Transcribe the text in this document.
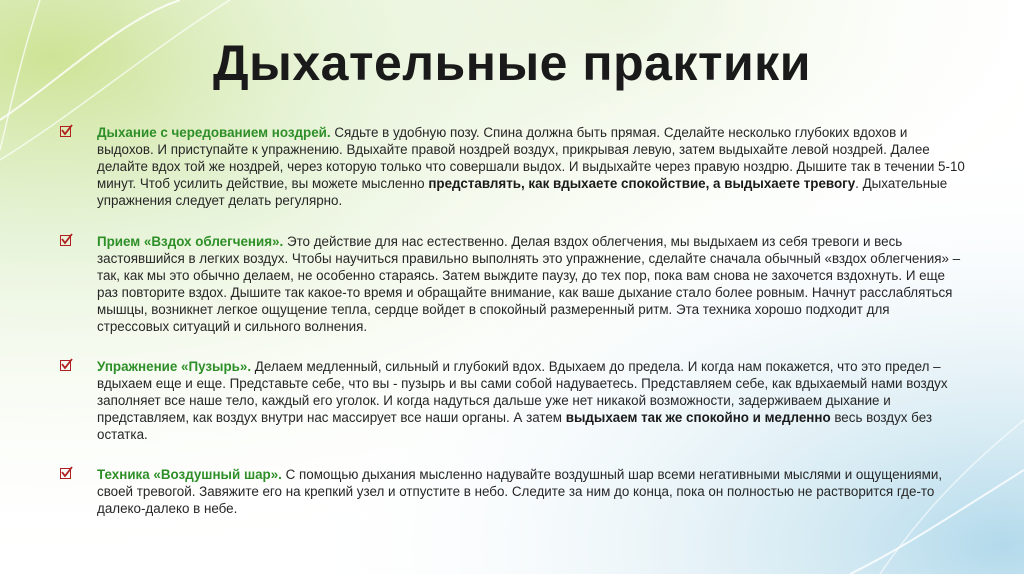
Дыхательные практики
Дыхание с чередованием ноздрей. Сядьте в удобную позу. Спина должна быть прямая. Сделайте несколько глубоких вдохов и выдохов. И приступайте к упражнению. Вдыхайте правой ноздрей воздух, прикрывая левую, затем выдыхайте левой ноздрей. Далее делайте вдох той же ноздрей, через которую только что совершали выдох. И выдыхайте через правую ноздрю. Дышите так в течении 5-10 минут. Чтоб усилить действие, вы можете мысленно представлять, как вдыхаете спокойствие, а выдыхаете тревогу. Дыхательные упражнения следует делать регулярно.
Прием «Вздох облегчения». Это действие для нас естественно. Делая вздох облегчения, мы выдыхаем из себя тревоги и весь застоявшийся в легких воздух. Чтобы научиться правильно выполнять это упражнение, сделайте сначала обычный «вздох облегчения» – так, как мы это обычно делаем, не особенно стараясь. Затем выждите паузу, до тех пор, пока вам снова не захочется вздохнуть. И еще раз повторите вздох. Дышите так какое-то время и обращайте внимание, как ваше дыхание стало более ровным. Начнут расслабляться мышцы, возникнет легкое ощущение тепла, сердце войдет в спокойный размеренный ритм. Эта техника хорошо подходит для стрессовых ситуаций и сильного волнения.
Упражнение «Пузырь». Делаем медленный, сильный и глубокий вдох. Вдыхаем до предела. И когда нам покажется, что это предел – вдыхаем еще и еще. Представьте себе, что вы - пузырь и вы сами собой надуваетесь. Представляем себе, как вдыхаемый нами воздух заполняет все наше тело, каждый его уголок. И когда надуться дальше уже нет никакой возможности, задерживаем дыхание и представляем, как воздух внутри нас массирует все наши органы. А затем выдыхаем так же спокойно и медленно весь воздух без остатка.
Техника «Воздушный шар». С помощью дыхания мысленно надувайте воздушный шар всеми негативными мыслями и ощущениями, своей тревогой. Завяжите его на крепкий узел и отпустите в небо. Следите за ним до конца, пока он полностью не растворится где-то далеко-далеко в небе.
